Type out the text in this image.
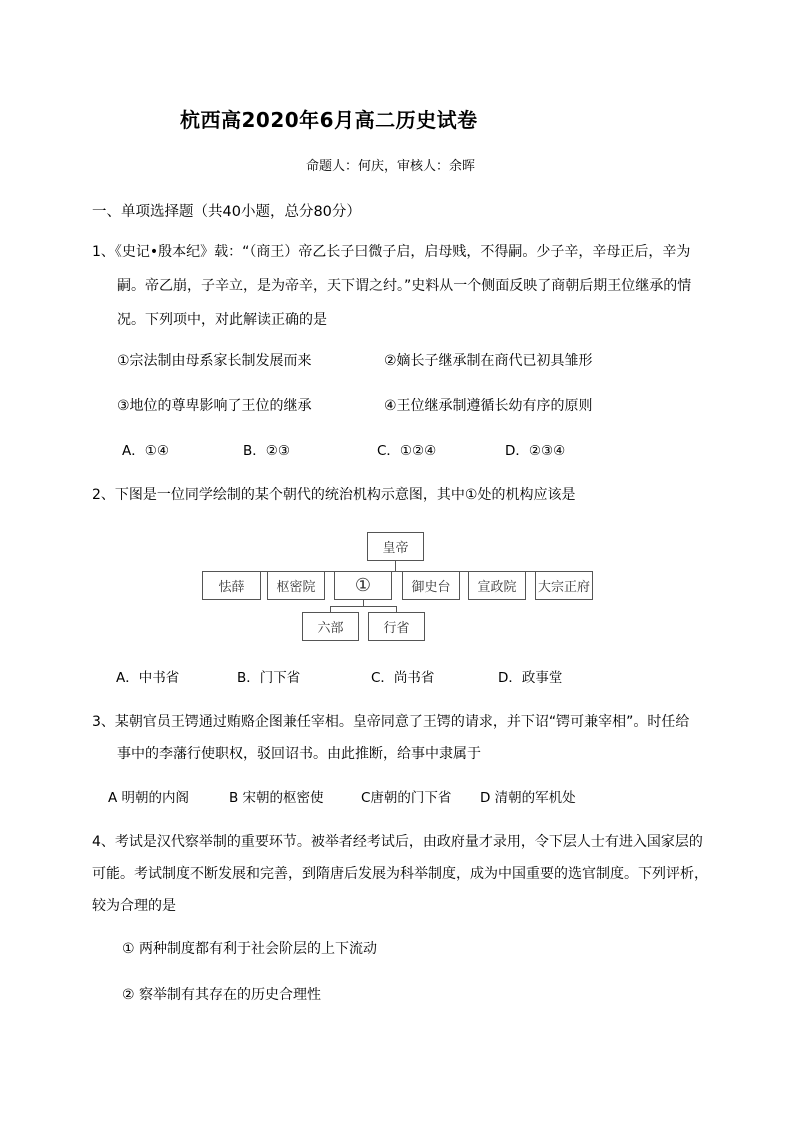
杭西高2020年6月高二历史试卷
命题人：何庆，审核人：余晖
一、单项选择题（共40小题，总分80分）
1、《史记•殷本纪》载：“（商王）帝乙长子曰微子启，启母贱，不得嗣。少子辛，辛母正后，辛为
嗣。帝乙崩，子辛立，是为帝辛，天下谓之纣。”史料从一个侧面反映了商朝后期王位继承的情
况。下列项中，对此解读正确的是
①宗法制由母系家长制发展而来	②嫡长子继承制在商代已初具雏形
③地位的尊卑影响了王位的继承	④王位继承制遵循长幼有序的原则
A．①④	B．②③	C．①②④	D．②③④
2、下图是一位同学绘制的某个朝代的统治机构示意图，其中①处的机构应该是
皇帝
怯薛	枢密院	①	御史台	宣政院	大宗正府
六部	行省
A．中书省	B．门下省	C．尚书省	D．政事堂
3、某朝官员王锷通过贿赂企图兼任宰相。皇帝同意了王锷的请求，并下诏“锷可兼宰相”。时任给
事中的李藩行使职权，驳回诏书。由此推断，给事中隶属于
A 明朝的内阁	B 宋朝的枢密使	C唐朝的门下省 D 清朝的军机处
4、考试是汉代察举制的重要环节。被举者经考试后，由政府量才录用，令下层人士有进入国家层的
可能。考试制度不断发展和完善，到隋唐后发展为科举制度，成为中国重要的选官制度。下列评析，
较为合理的是
① 两种制度都有利于社会阶层的上下流动
② 察举制有其存在的历史合理性
